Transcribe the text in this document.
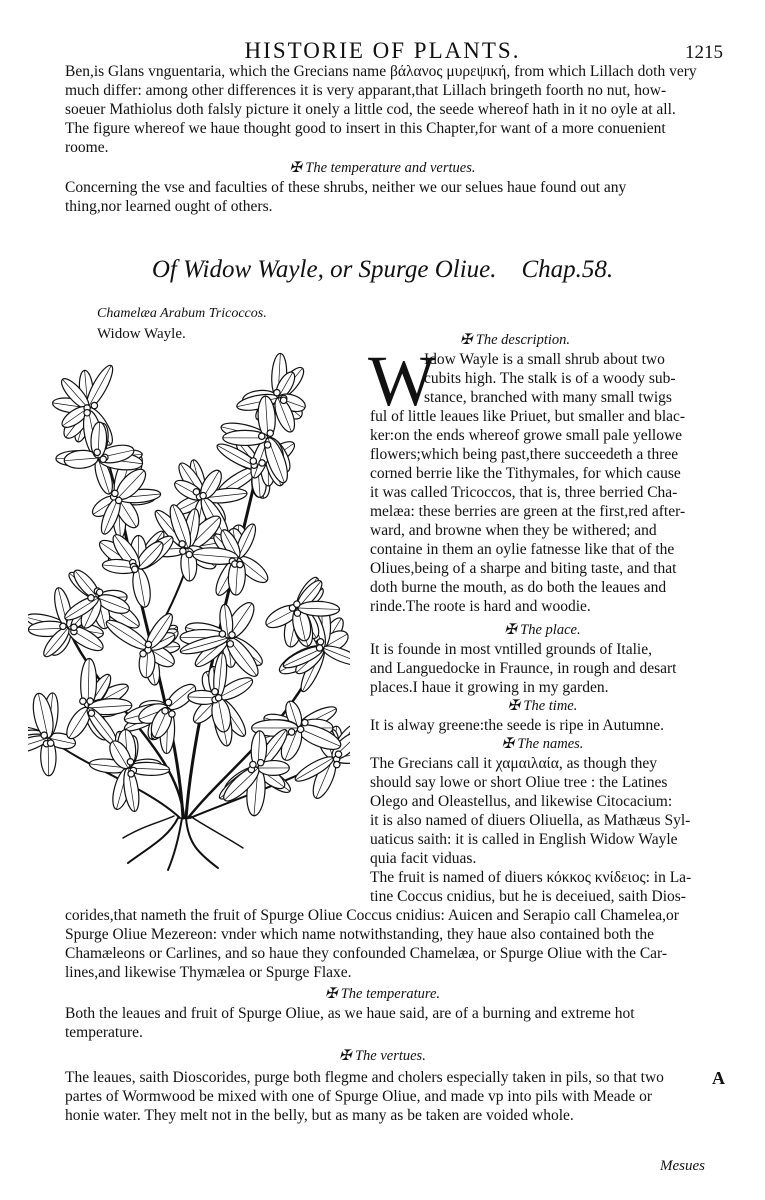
HISTORIE OF PLANTS.	1215

Ben,is Glans vnguentaria, which the Grecians name βάλανος μυρεψική, from which Lillach doth very

much differ: among other differences it is very apparant,that Lillach bringeth foorth no nut, how-

soeuer Mathiolus doth falsly picture it onely a little cod, the seede whereof hath in it no oyle at all.

The figure whereof we haue thought good to insert in this Chapter,for want of a more conuenient

roome.

✠ The temperature and vertues.

Concerning the vse and faculties of these shrubs, neither we our selues haue found out any

thing,nor learned ought of others.

Of Widow Wayle, or Spurge Oliue. Chap.58.
Chamelæa Arabum Tricoccos.
Widow Wayle.	✠ The description.
W

Idow Wayle is a small shrub about two

cubits high. The stalk is of a woody sub-

stance, branched with many small twigs

ful of little leaues like Priuet, but smaller and blac-

ker:on the ends whereof growe small pale yellowe

flowers;which being past,there succeedeth a three

corned berrie like the Tithymales, for which cause

it was called Tricoccos, that is, three berried Cha-

melæa: these berries are green at the first,red after-

ward, and browne when they be withered; and

containe in them an oylie fatnesse like that of the

Oliues,being of a sharpe and biting taste, and that

doth burne the mouth, as do both the leaues and

rinde.The roote is hard and woodie.

✠ The place.

It is founde in most vntilled grounds of Italie,

and Languedocke in Fraunce, in rough and desart

places.I haue it growing in my garden.

✠ The time.

It is alway greene:the seede is ripe in Autumne.

✠ The names.

The Grecians call it χαμαιλαία, as though they

should say lowe or short Oliue tree : the Latines

Olego and Oleastellus, and likewise Citocacium:

it is also named of diuers Oliuella, as Mathæus Syl-

uaticus saith: it is called in English Widow Wayle

quia facit viduas.

The fruit is named of diuers κόκκος κνίδειος: in La-

tine Coccus cnidius, but he is deceiued, saith Dios-

corides,that nameth the fruit of Spurge Oliue Coccus cnidius: Auicen and Serapio call Chamelea,or

Spurge Oliue Mezereon: vnder which name notwithstanding, they haue also contained both the

Chamæleons or Carlines, and so haue they confounded Chamelæa, or Spurge Oliue with the Car-

lines,and likewise Thymælea or Spurge Flaxe.

✠ The temperature.

Both the leaues and fruit of Spurge Oliue, as we haue said, are of a burning and extreme hot

temperature.

✠ The vertues.
A

The leaues, saith Dioscorides, purge both flegme and cholers especially taken in pils, so that two

partes of Wormwood be mixed with one of Spurge Oliue, and made vp into pils with Meade or

honie water. They melt not in the belly, but as many as be taken are voided whole.

Mesues
